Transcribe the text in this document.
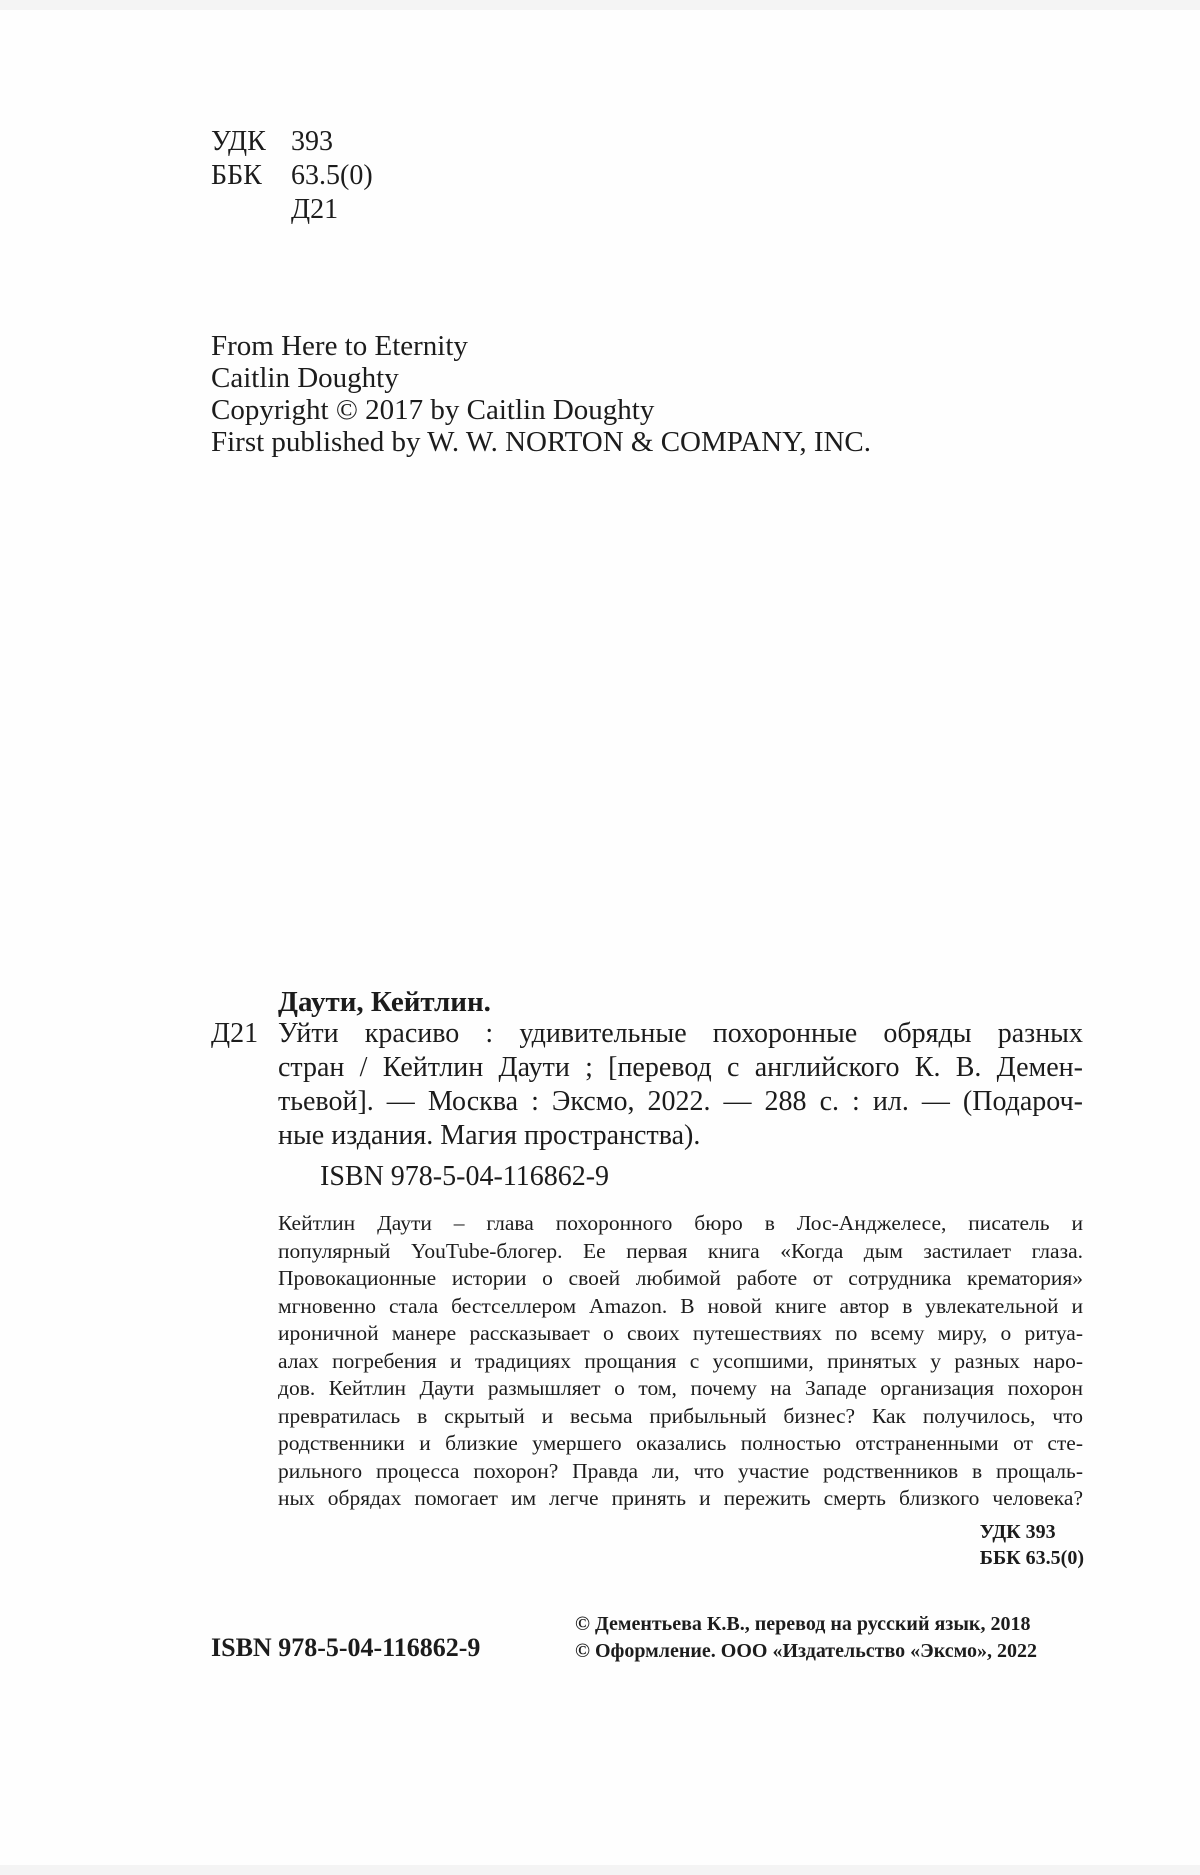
УДК 393
ББК	63.5(0)
Д21
From Here to Eternity
Caitlin Doughty
Copyright © 2017 by Caitlin Doughty
First published by W. W. NORTON & COMPANY, INC.
Даути, Кейтлин.
Д21 Уйти красиво : удивительные похоронные обряды разных
стран / Кейтлин Даути ; [перевод с английского К. В. Демен-
тьевой]. — Москва : Эксмо, 2022. — 288 с. : ил. — (Подароч-
ные издания. Магия пространства).
ISBN 978-5-04-116862-9
Кейтлин Даути – глава похоронного бюро в Лос-Анджелесе, писатель и
популярный YouTube-блогер. Ее первая книга «Когда дым застилает глаза.
Провокационные истории о своей любимой работе от сотрудника крематория»
мгновенно стала бестселлером Amazon. В новой книге автор в увлекательной и
ироничной манере рассказывает о своих путешествиях по всему миру, о ритуа-
алах погребения и традициях прощания с усопшими, принятых у разных наро-
дов. Кейтлин Даути размышляет о том, почему на Западе организация похорон
превратилась в скрытый и весьма прибыльный бизнес? Как получилось, что
родственники и близкие умершего оказались полностью отстраненными от сте-
рильного процесса похорон? Правда ли, что участие родственников в прощаль-
ных обрядах помогает им легче принять и пережить смерть близкого человека?
УДК 393
ББК 63.5(0)
ISBN 978-5-04-116862-9
© Дементьева К.В., перевод на русский язык, 2018
© Оформление. ООО «Издательство «Эксмо», 2022
